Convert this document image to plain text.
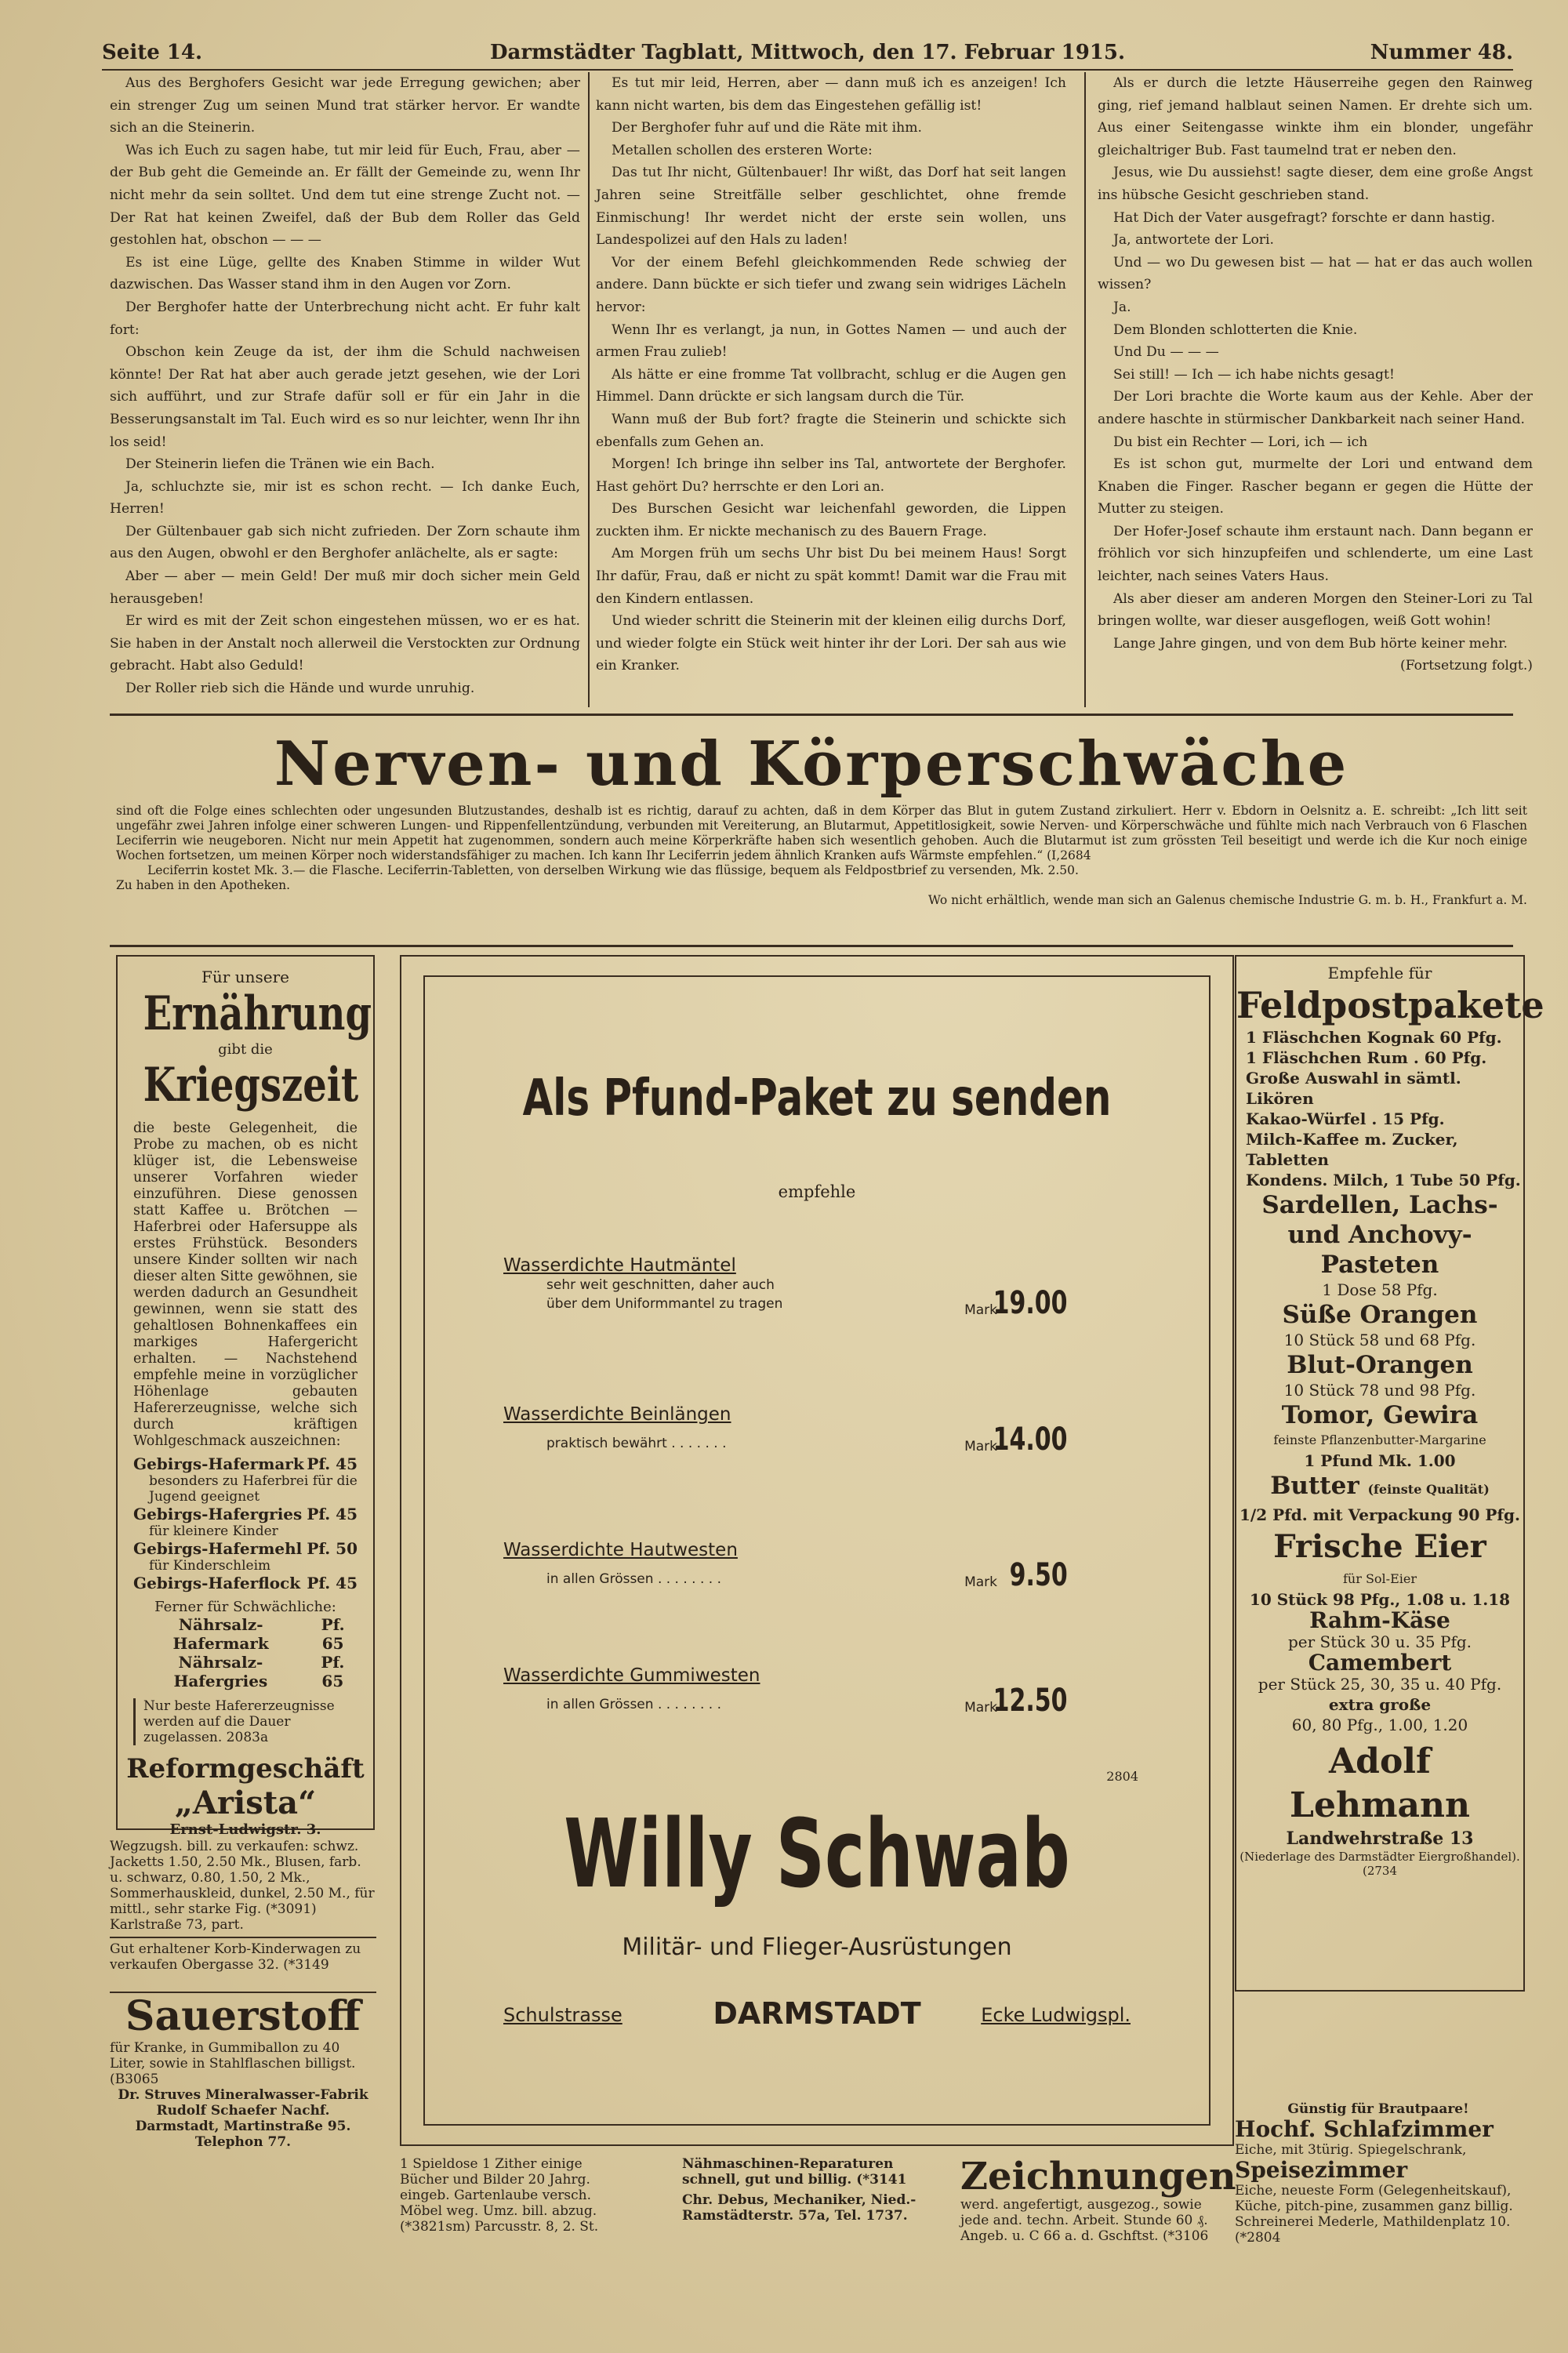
Seite 14.	Darmstädter Tagblatt, Mittwoch, den 17. Februar 1915.	Nummer 48.

Aus des Berghofers Gesicht war jede Erregung gewichen; aber ein strenger Zug um seinen Mund trat stärker hervor. Er wandte sich an die Steinerin.

Was ich Euch zu sagen habe, tut mir leid für Euch, Frau, aber — der Bub geht die Gemeinde an. Er fällt der Gemeinde zu, wenn Ihr nicht mehr da sein solltet. Und dem tut eine strenge Zucht not. — Der Rat hat keinen Zweifel, daß der Bub dem Roller das Geld gestohlen hat, obschon — — —

Es ist eine Lüge, gellte des Knaben Stimme in wilder Wut dazwischen. Das Wasser stand ihm in den Augen vor Zorn.

Der Berghofer hatte der Unterbrechung nicht acht. Er fuhr kalt fort:

Obschon kein Zeuge da ist, der ihm die Schuld nachweisen könnte! Der Rat hat aber auch gerade jetzt gesehen, wie der Lori sich aufführt, und zur Strafe dafür soll er für ein Jahr in die Besserungsanstalt im Tal. Euch wird es so nur leichter, wenn Ihr ihn los seid!

Der Steinerin liefen die Tränen wie ein Bach.

Ja, schluchzte sie, mir ist es schon recht. — Ich danke Euch, Herren!

Der Gültenbauer gab sich nicht zufrieden. Der Zorn schaute ihm aus den Augen, obwohl er den Berghofer anlächelte, als er sagte:

Aber — aber — mein Geld! Der muß mir doch sicher mein Geld herausgeben!

Er wird es mit der Zeit schon eingestehen müssen, wo er es hat. Sie haben in der Anstalt noch allerweil die Verstockten zur Ordnung gebracht. Habt also Geduld!

Der Roller rieb sich die Hände und wurde unruhig.

Es tut mir leid, Herren, aber — dann muß ich es anzeigen! Ich kann nicht warten, bis dem das Eingestehen gefällig ist!

Der Berghofer fuhr auf und die Räte mit ihm.

Metallen schollen des ersteren Worte:

Das tut Ihr nicht, Gültenbauer! Ihr wißt, das Dorf hat seit langen Jahren seine Streitfälle selber geschlichtet, ohne fremde Einmischung! Ihr werdet nicht der erste sein wollen, uns Landespolizei auf den Hals zu laden!

Vor der einem Befehl gleichkommenden Rede schwieg der andere. Dann bückte er sich tiefer und zwang sein widriges Lächeln hervor:

Wenn Ihr es verlangt, ja nun, in Gottes Namen — und auch der armen Frau zulieb!

Als hätte er eine fromme Tat vollbracht, schlug er die Augen gen Himmel. Dann drückte er sich langsam durch die Tür.

Wann muß der Bub fort? fragte die Steinerin und schickte sich ebenfalls zum Gehen an.

Morgen! Ich bringe ihn selber ins Tal, antwortete der Berghofer. Hast gehört Du? herrschte er den Lori an.

Des Burschen Gesicht war leichenfahl geworden, die Lippen zuckten ihm. Er nickte mechanisch zu des Bauern Frage.

Am Morgen früh um sechs Uhr bist Du bei meinem Haus! Sorgt Ihr dafür, Frau, daß er nicht zu spät kommt! Damit war die Frau mit den Kindern entlassen.

Und wieder schritt die Steinerin mit der kleinen eilig durchs Dorf, und wieder folgte ein Stück weit hinter ihr der Lori. Der sah aus wie ein Kranker.

Als er durch die letzte Häuserreihe gegen den Rainweg ging, rief jemand halblaut seinen Namen. Er drehte sich um. Aus einer Seitengasse winkte ihm ein blonder, ungefähr gleichaltriger Bub. Fast taumelnd trat er neben den.

Jesus, wie Du aussiehst! sagte dieser, dem eine große Angst ins hübsche Gesicht geschrieben stand.

Hat Dich der Vater ausgefragt? forschte er dann hastig.

Ja, antwortete der Lori.

Und — wo Du gewesen bist — hat — hat er das auch wollen wissen?

Ja.

Dem Blonden schlotterten die Knie.

Und Du — — —

Sei still! — Ich — ich habe nichts gesagt!

Der Lori brachte die Worte kaum aus der Kehle. Aber der andere haschte in stürmischer Dankbarkeit nach seiner Hand.

Du bist ein Rechter — Lori, ich — ich

Es ist schon gut, murmelte der Lori und entwand dem Knaben die Finger. Rascher begann er gegen die Hütte der Mutter zu steigen.

Der Hofer-Josef schaute ihm erstaunt nach. Dann begann er fröhlich vor sich hinzupfeifen und schlenderte, um eine Last leichter, nach seines Vaters Haus.

Als aber dieser am anderen Morgen den Steiner-Lori zu Tal bringen wollte, war dieser ausgeflogen, weiß Gott wohin!

Lange Jahre gingen, und von dem Bub hörte keiner mehr.

(Fortsetzung folgt.)

Nerven- und Körperschwäche

sind oft die Folge eines schlechten oder ungesunden Blutzustandes, deshalb ist es richtig, darauf zu achten, daß in dem Körper das Blut in gutem Zustand zirkuliert. Herr v. Ebdorn in Oelsnitz a. E. schreibt: „Ich litt seit ungefähr zwei Jahren infolge einer schweren Lungen- und Rippenfellentzündung, verbunden mit Vereiterung, an Blutarmut, Appetitlosigkeit, sowie Nerven- und Körperschwäche und fühlte mich nach Verbrauch von 6 Flaschen Leciferrin wie neugeboren. Nicht nur mein Appetit hat zugenommen, sondern auch meine Körperkräfte haben sich wesentlich gehoben. Auch die Blutarmut ist zum grössten Teil beseitigt und werde ich die Kur noch einige Wochen fortsetzen, um meinen Körper noch widerstandsfähiger zu machen. Ich kann Ihr Leciferrin jedem ähnlich Kranken aufs Wärmste empfehlen.“ (I,2684

Leciferrin kostet Mk. 3.— die Flasche. Leciferrin-Tabletten, von derselben Wirkung wie das flüssige, bequem als Feldpostbrief zu versenden, Mk. 2.50.

Zu haben in den Apotheken.

Wo nicht erhältlich, wende man sich an Galenus chemische Industrie G. m. b. H., Frankfurt a. M.

Für unsere
Ernährung
gibt die
Kriegszeit
die beste Gelegenheit, die Probe zu machen, ob es nicht klüger ist, die Lebensweise unserer Vorfahren wieder einzuführen. Diese genossen statt Kaffee u. Brötchen — Haferbrei oder Hafersuppe als erstes Frühstück. Besonders unsere Kinder sollten wir nach dieser alten Sitte gewöhnen, sie werden dadurch an Gesundheit gewinnen, wenn sie statt des gehaltlosen Bohnenkaffees ein markiges Hafergericht erhalten. — Nachstehend empfehle meine in vorzüglicher Höhenlage gebauten Hafererzeugnisse, welche sich durch kräftigen Wohlgeschmack auszeichnen:
Gebirgs-Hafermark Pf. 45
besonders zu Haferbrei für die Jugend geeignet
Gebirgs-Hafergries Pf. 45
für kleinere Kinder
Gebirgs-Hafermehl Pf. 50
für Kinderschleim
Gebirgs-Haferflock Pf. 45
Ferner für Schwächliche:
Nährsalz-Hafermark
Pf. 65
Nährsalz-Hafergries
Pf. 65
Nur beste Hafererzeugnisse werden auf die Dauer zugelassen. 2083a
Reformgeschäft
„Arista“
Ernst-Ludwigstr. 3.
Als Pfund-Paket zu senden
empfehle
Wasserdichte Hautmäntel
sehr weit geschnitten, daher auch
über dem Uniformmantel zu tragen	Mark
19.00
Wasserdichte Beinlängen
praktisch bewährt . . . . . . .	Mark
14.00
Wasserdichte Hautwesten
in allen Grössen . . . . . . . .	Mark 9.50
Wasserdichte Gummiwesten
in allen Grössen . . . . . . . .	Mark
12.50
2804
Willy Schwab
Militär- und Flieger-Ausrüstungen
Schulstrasse	DARMSTADT	Ecke Ludwigspl.
Empfehle für
Feldpostpakete
1 Fläschchen Kognak 60 Pfg.
1 Fläschchen Rum . 60 Pfg.
Große Auswahl in sämtl. Likören
Kakao-Würfel . 15 Pfg.
Milch-Kaffee m. Zucker, Tabletten
Kondens. Milch, 1 Tube 50 Pfg.
Sardellen, Lachs- und Anchovy-Pasteten
1 Dose 58 Pfg.
Süße Orangen
10 Stück 58 und 68 Pfg.
Blut-Orangen
10 Stück 78 und 98 Pfg.
Tomor, Gewira
feinste Pflanzenbutter-Margarine
1 Pfund Mk. 1.00
Butter (feinste Qualität)
1/2 Pfd. mit Verpackung 90 Pfg.
Frische Eier
für Sol-Eier
10 Stück 98 Pfg., 1.08 u. 1.18
Rahm-Käse
per Stück 30 u. 35 Pfg.
Camembert
per Stück 25, 30, 35 u. 40 Pfg.
extra große
60, 80 Pfg., 1.00, 1.20
Adolf Lehmann
Landwehrstraße 13
(Niederlage des Darmstädter Eiergroßhandel). (2734
Wegzugsh. bill. zu verkaufen: schwz. Jacketts 1.50, 2.50 Mk., Blusen, farb. u. schwarz, 0.80, 1.50, 2 Mk., Sommerhauskleid, dunkel, 2.50 M., für mittl., sehr starke Fig. (*3091) Karlstraße 73, part.
Gut erhaltener Korb-Kinderwagen zu verkaufen Obergasse 32. (*3149
Sauerstoff
für Kranke, in Gummiballon zu 40 Liter, sowie in Stahlflaschen billigst. (B3065
Dr. Struves Mineralwasser-Fabrik
Rudolf Schaefer Nachf.
Darmstadt, Martinstraße 95.
Telephon 77.
1 Spieldose 1 Zither einige Bücher und Bilder 20 Jahrg. eingeb. Gartenlaube versch. Möbel weg. Umz. bill. abzug. (*3821sm) Parcusstr. 8, 2. St.
Nähmaschinen-Reparaturen schnell, gut und billig. (*3141
Chr. Debus, Mechaniker, Nied.-Ramstädterstr. 57a, Tel. 1737.
Zeichnungen
werd. angefertigt, ausgezog., sowie jede and. techn. Arbeit. Stunde 60 ₰. Angeb. u. C 66 a. d. Gschftst. (*3106
Günstig für Brautpaare!
Hochf. Schlafzimmer
Eiche, mit 3türig. Spiegelschrank,
Speisezimmer
Eiche, neueste Form (Gelegenheitskauf), Küche, pitch-pine, zusammen ganz billig. Schreinerei Mederle, Mathildenplatz 10. (*2804
